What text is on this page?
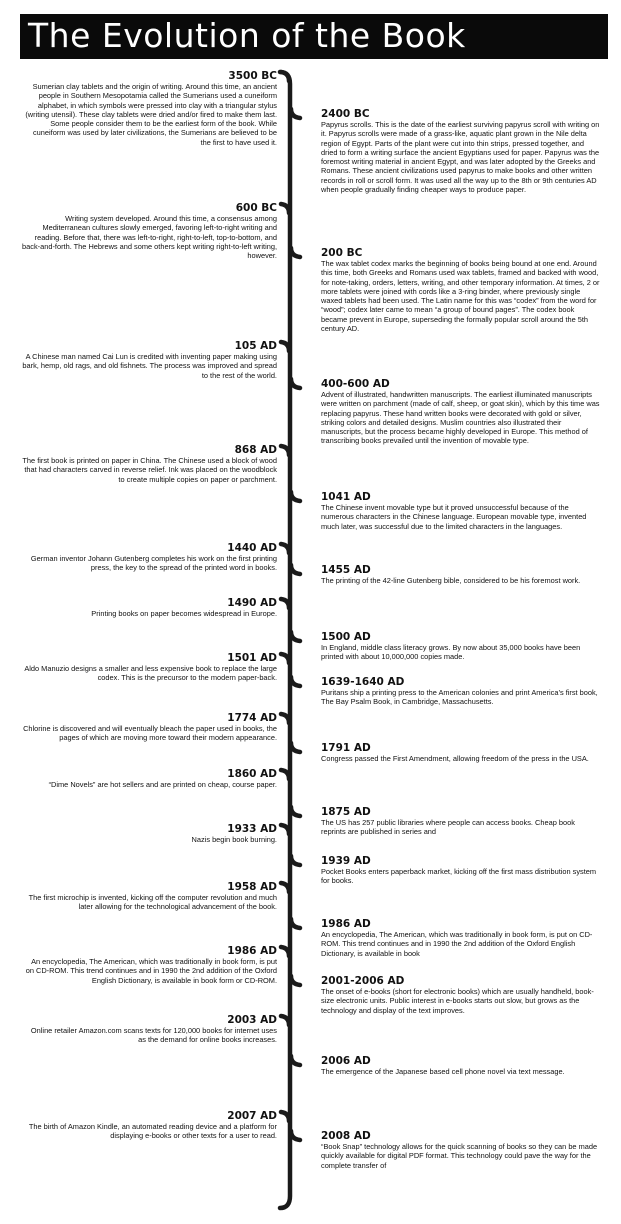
The Evolution of the Book
3500 BC
Sumerian clay tablets and the origin of writing. Around this time, an ancient people in Southern Mesopotamia called the Sumerians used a cuneiform alphabet, in which symbols were pressed into clay with a triangular stylus (writing utensil). These clay tablets were dried and/or fired to make them last. Some people consider them to be the earliest form of the book. While cuneiform was used by later civilizations, the Sumerians are believed to be the first to have used it.
600 BC
Writing system developed. Around this time, a consensus among Mediterranean cultures slowly emerged, favoring left-to-right writing and reading. Before that, there was left-to-right, right-to-left, top-to-bottom, and back-and-forth. The Hebrews and some others kept writing right-to-left writing, however.
105 AD
A Chinese man named Cai Lun is credited with inventing paper making using bark, hemp, old rags, and old fishnets. The process was improved and spread to the rest of the world.
868 AD
The first book is printed on paper in China. The Chinese used a block of wood that had characters carved in reverse relief. Ink was placed on the woodblock to create multiple copies on paper or parchment.
1440 AD
German inventor Johann Gutenberg completes his work on the first printing press, the key to the spread of the printed word in books.
1490 AD
Printing books on paper becomes widespread in Europe.
1501 AD
Aldo Manuzio designs a smaller and less expensive book to replace the large codex. This is the precursor to the modern paper-back.
1774 AD
Chlorine is discovered and will eventually bleach the paper used in books, the pages of which are moving more toward their modern appearance.
1860 AD
“Dime Novels” are hot sellers and are printed on cheap, course paper.
1933 AD
Nazis begin book burning.
1958 AD
The first microchip is invented, kicking off the computer revolution and much later allowing for the technological advancement of the book.
1986 AD
An encyclopedia, The American, which was traditionally in book form, is put on CD-ROM. This trend continues and in 1990 the 2nd addition of the Oxford English Dictionary, is available in book form or CD-ROM.
2003 AD
Online retailer Amazon.com scans texts for 120,000 books for internet uses as the demand for online books increases.
2007 AD
The birth of Amazon Kindle, an automated reading device and a platform for displaying e-books or other texts for a user to read.
2400 BC
Papyrus scrolls. This is the date of the earliest surviving papyrus scroll with writing on it. Papyrus scrolls were made of a grass-like, aquatic plant grown in the Nile delta region of Egypt. Parts of the plant were cut into thin strips, pressed together, and dried to form a writing surface the ancient Egyptians used for paper. Papyrus was the foremost writing material in ancient Egypt, and was later adopted by the Greeks and Romans. These ancient civilizations used papyrus to make books and other written records in roll or scroll form. It was used all the way up to the 8th or 9th centuries AD when people gradually finding cheaper ways to produce paper.
200 BC
The wax tablet codex marks the beginning of books being bound at one end. Around this time, both Greeks and Romans used wax tablets, framed and backed with wood, for note-taking, orders, letters, writing, and other temporary information. At times, 2 or more tablets were joined with cords like a 3-ring binder, where previously single waxed tablets had been used. The Latin name for this was “codex” from the word for “wood”; codex later came to mean “a group of bound pages”. The codex book became prevent in Europe, superseding the formally popular scroll around the 5th century AD.
400-600 AD
Advent of illustrated, handwritten manuscripts. The earliest illuminated manuscripts were written on parchment (made of calf, sheep, or goat skin), which by this time was replacing papyrus. These hand written books were decorated with gold or silver, striking colors and detailed designs. Muslim countries also illustrated their manuscripts, but the process became highly developed in Europe. This method of transcribing books prevailed until the invention of movable type.
1041 AD
The Chinese invent movable type but it proved unsuccessful because of the numerous characters in the Chinese language. European movable type, invented much later, was successful due to the limited characters in the languages.
1455 AD
The printing of the 42-line Gutenberg bible, considered to be his foremost work.
1500 AD
In England, middle class literacy grows. By now about 35,000 books have been printed with about 10,000,000 copies made.
1639-1640 AD
Puritans ship a printing press to the American colonies and print America’s first book, The Bay Psalm Book, in Cambridge, Massachusetts.
1791 AD
Congress passed the First Amendment, allowing freedom of the press in the USA.
1875 AD
The US has 257 public libraries where people can access books. Cheap book reprints are published in series and
1939 AD
Pocket Books enters paperback market, kicking off the first mass distribution system for books.
1986 AD
An encyclopedia, The American, which was traditionally in book form, is put on CD-ROM. This trend continues and in 1990 the 2nd addition of the Oxford English Dictionary, is available in book
2001-2006 AD
The onset of e-books (short for electronic books) which are usually handheld, book-size electronic units. Public interest in e-books starts out slow, but grows as the technology and display of the text improves.
2006 AD
The emergence of the Japanese based cell phone novel via text message.
2008 AD
“Book Snap” technology allows for the quick scanning of books so they can be made quickly available for digital PDF format. This technology could pave the way for the complete transfer of
